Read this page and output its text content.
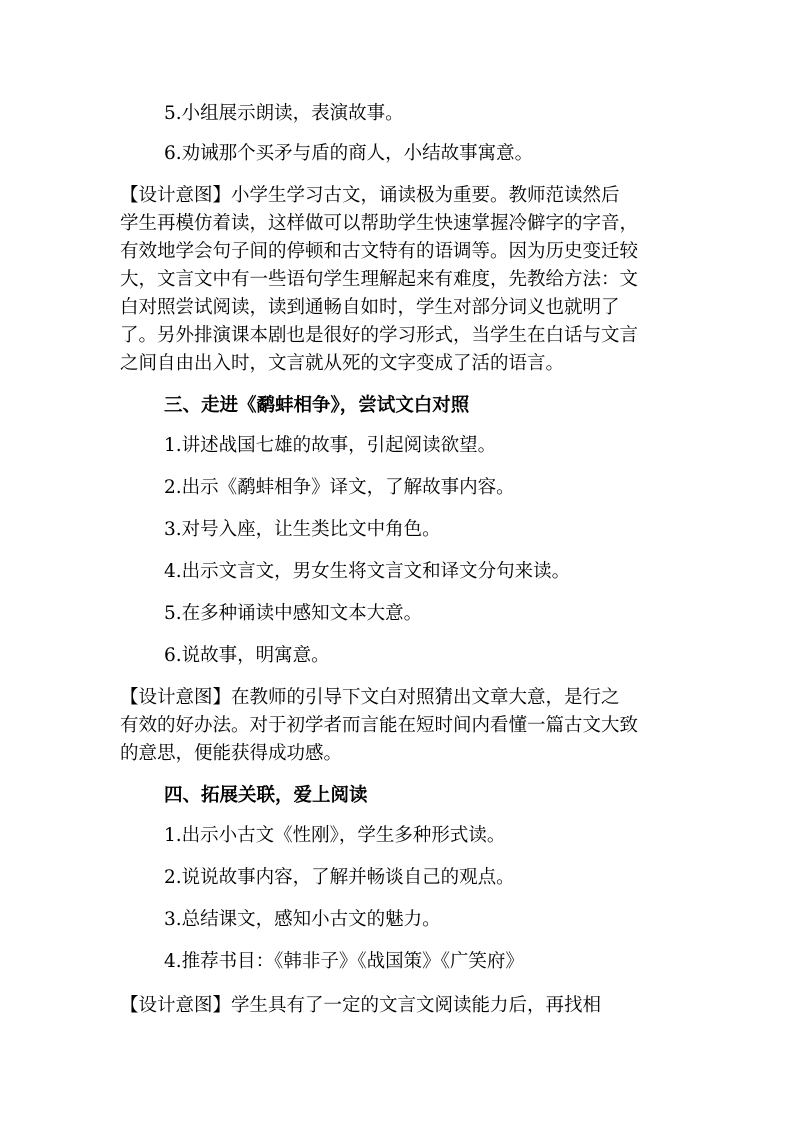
5.小组展示朗读，表演故事。
6.劝诫那个买矛与盾的商人，小结故事寓意。
【设计意图】小学生学习古文，诵读极为重要。教师范读然后
学生再模仿着读，这样做可以帮助学生快速掌握冷僻字的字音，
有效地学会句子间的停顿和古文特有的语调等。因为历史变迁较
大，文言文中有一些语句学生理解起来有难度，先教给方法：文
白对照尝试阅读，读到通畅自如时，学生对部分词义也就明了
了。另外排演课本剧也是很好的学习形式，当学生在白话与文言
之间自由出入时，文言就从死的文字变成了活的语言。
三、走进《鹬蚌相争》，尝试文白对照
1.讲述战国七雄的故事，引起阅读欲望。
2.出示《鹬蚌相争》译文，了解故事内容。
3.对号入座，让生类比文中角色。
4.出示文言文，男女生将文言文和译文分句来读。
5.在多种诵读中感知文本大意。
6.说故事，明寓意。
【设计意图】在教师的引导下文白对照猜出文章大意，是行之
有效的好办法。对于初学者而言能在短时间内看懂一篇古文大致
的意思，便能获得成功感。
四、拓展关联，爱上阅读
1.出示小古文《性刚》，学生多种形式读。
2.说说故事内容，了解并畅谈自己的观点。
3.总结课文，感知小古文的魅力。
4.推荐书目：《韩非子》《战国策》《广笑府》
【设计意图】学生具有了一定的文言文阅读能力后，再找相
